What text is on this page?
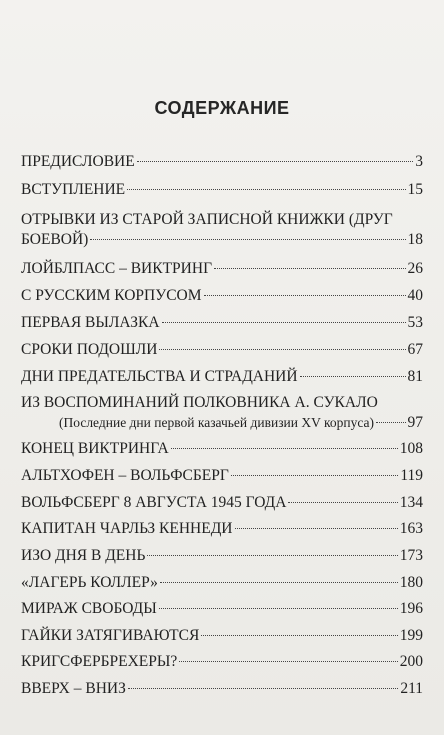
СОДЕРЖАНИЕ
ПРЕДИСЛОВИЕ	3
ВСТУПЛЕНИЕ	15
ОТРЫВКИ ИЗ СТАРОЙ ЗАПИСНОЙ КНИЖКИ (ДРУГ
БОЕВОЙ)	18
ЛОЙБЛПАСС – ВИКТРИНГ	26
С РУССКИМ КОРПУСОМ	40
ПЕРВАЯ ВЫЛАЗКА	53
СРОКИ ПОДОШЛИ	67
ДНИ ПРЕДАТЕЛЬСТВА И СТРАДАНИЙ	81
ИЗ ВОСПОМИНАНИЙ ПОЛКОВНИКА А. СУКАЛО
(Последние дни первой казачьей дивизии XV корпуса) 97
КОНЕЦ ВИКТРИНГА	108
АЛЬТХОФЕН – ВОЛЬФСБЕРГ	119
ВОЛЬФСБЕРГ 8 АВГУСТА 1945 ГОДА	134
КАПИТАН ЧАРЛЬЗ КЕННЕДИ	163
ИЗО ДНЯ В ДЕНЬ	173
«ЛАГЕРЬ КОЛЛЕР»	180
МИРАЖ СВОБОДЫ	196
ГАЙКИ ЗАТЯГИВАЮТСЯ	199
КРИГСФЕРБРЕХЕРЫ?	200
ВВЕРХ – ВНИЗ	211
